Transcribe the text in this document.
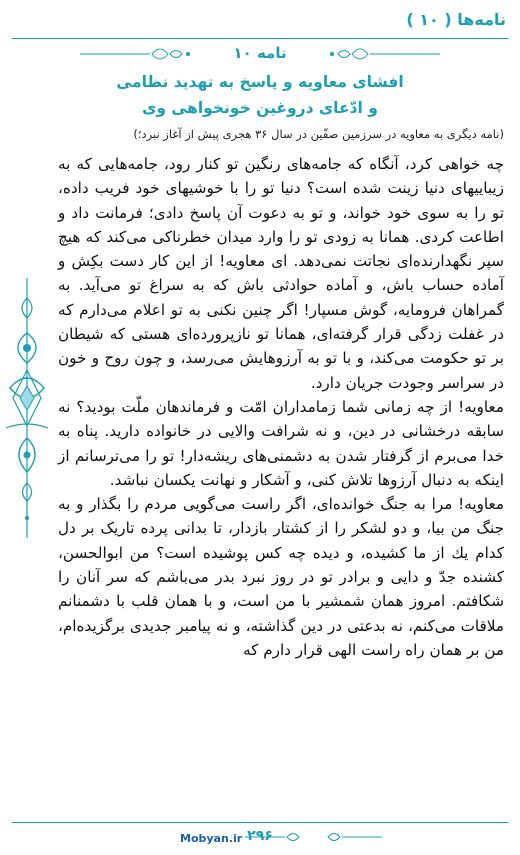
نامه‌ها ( ۱۰ )
نامه ۱۰
افشای معاویه و پاسخ به تهدید نظامی
و ادّعای دروغین خونخواهی وی
(نامه دیگری به معاویه در سرزمین صفّین در سال ۳۶ هجری پیش از آغاز نبرد؛)

چه خواهی کرد، آنگاه که جامه‌های رنگین تو کنار رود، جامه‌هایی که به زیباییهای دنیا زینت شده است؟ دنیا تو را با خوشیهای خود فریب داده، تو را به سوی خود خواند، و تو به دعوت آن پاسخ دادی؛ فرمانت داد و اطاعت کردی. همانا به زودی تو را وارد میدان خطرناکی می‌کند که هیچ سپر نگهدارنده‌ای نجاتت نمی‌دهد. ای معاویه! از این کار دست بکِش و آماده حساب باش، و آماده حوادثی باش که به سراغ تو می‌آید. به گمراهان فرومایه، گوش مسپار! اگر چنین نکنی به تو اعلام می‌دارم که در غفلت زدگی قرار گرفته‌ای، همانا تو نازپرورده‌ای هستی که شیطان بر تو حکومت می‌کند، و با تو به آرزوهایش می‌رسد، و چون روح و خون در سراسر وجودت جریان دارد.

معاویه! از چه زمانی شما زمامداران امّت و فرماندهان ملّت بودید؟ نه سابقه درخشانی در دین، و نه شرافت والایی در خانواده دارید. پناه به خدا می‌برم از گرفتار شدن به دشمنی‌های ریشه‌دار! تو را می‌ترسانم از اینکه به دنبال آرزوها تلاش کنی، و آشکار و نهانت یکسان نباشد.

معاویه! مرا به جنگ خوانده‌ای، اگر راست می‌گویی مردم را بگذار و به جنگ من بیا، و دو لشکر را از کشتار بازدار، تا بدانی پرده تاریک بر دل کدام یك از ما کشیده، و دیده چه کس پوشیده است؟ من ابوالحسن، کشنده جدّ و دایی و برادر تو در روز نبرد بدر می‌باشم که سر آنان را شکافتم. امروز همان شمشیر با من است، و با همان قلب با دشمنانم ملاقات می‌کنم، نه بدعتی در دین گذاشته، و نه پیامبر جدیدی برگزیده‌ام، من بر همان راه راست الهی قرار دارم که

Mobyan.ir ۲۹۶
